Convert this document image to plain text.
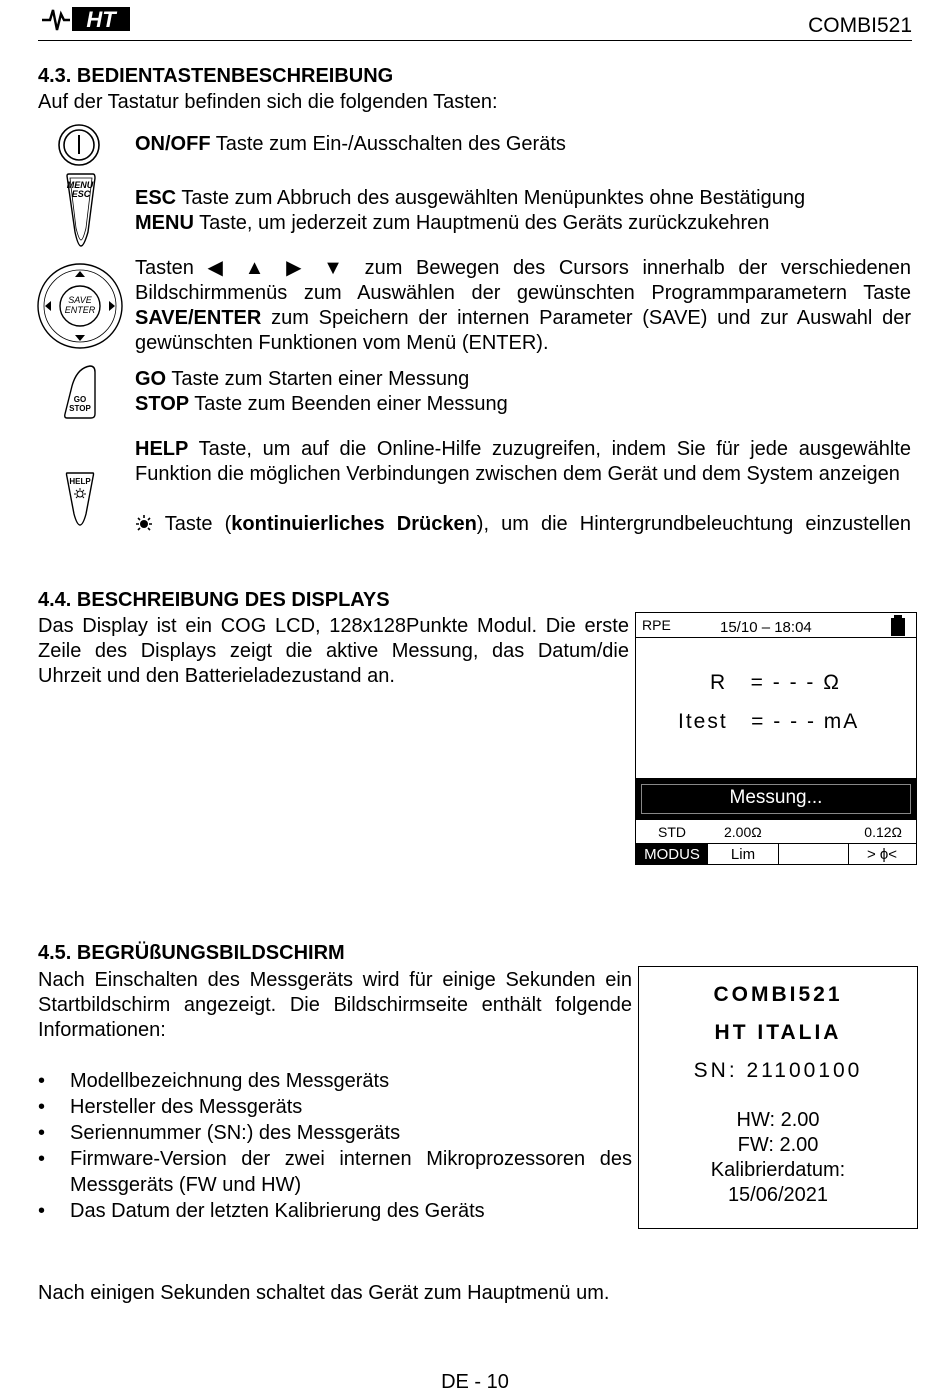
HT	COMBI521
4.3. BEDIENTASTENBESCHREIBUNG
Auf der Tastatur befinden sich die folgenden Tasten:
ON/OFF Taste zum Ein-/Ausschalten des Geräts
MENU
ESC ESC Taste zum Abbruch des ausgewählten Menüpunktes ohne Bestätigung
MENU Taste, um jederzeit zum Hauptmenü des Geräts zurückzukehren
SAVE
ENTER
Tasten ◀ ▲ ▶ ▼ zum Bewegen des Cursors innerhalb der verschiedenen Bildschirmmenüs zum Auswählen der gewünschten Programmparametern Taste SAVE/ENTER zum Speichern der internen Parameter (SAVE) und zur Auswahl der gewünschten Funktionen vom Menü (ENTER).
GO
STOP
GO Taste zum Starten einer Messung
STOP Taste zum Beenden einer Messung
HELP
HELP Taste, um auf die Online-Hilfe zuzugreifen, indem Sie für jede ausgewählte Funktion die möglichen Verbindungen zwischen dem Gerät und dem System anzeigen
Taste (kontinuierliches Drücken), um die Hintergrundbeleuchtung einzustellen
4.4. BESCHREIBUNG DES DISPLAYS
Das Display ist ein COG LCD, 128x128Punkte Modul. Die erste Zeile des Displays zeigt die aktive Messung, das Datum/die Uhrzeit und den Batterieladezustand an.
RPE	15/10 – 18:04
R   = - - - Ω
Itest   = - - - mA
Messung...
STD	2.00Ω	0.12Ω
MODUS	Lim	> ϕ<
4.5. BEGRÜßUNGSBILDSCHIRM
Nach Einschalten des Messgeräts wird für einige Sekunden ein Startbildschirm angezeigt. Die Bildschirmseite enthält folgende Informationen:
• Modellbezeichnung des Messgeräts
• Hersteller des Messgeräts
• Seriennummer (SN:) des Messgeräts
• Firmware-Version der zwei internen Mikroprozessoren des Messgeräts (FW und HW)
• Das Datum der letzten Kalibrierung des Geräts
COMBI521
HT ITALIA
SN: 21100100
HW: 2.00
FW: 2.00
Kalibrierdatum:
15/06/2021
Nach einigen Sekunden schaltet das Gerät zum Hauptmenü um.
DE - 10
